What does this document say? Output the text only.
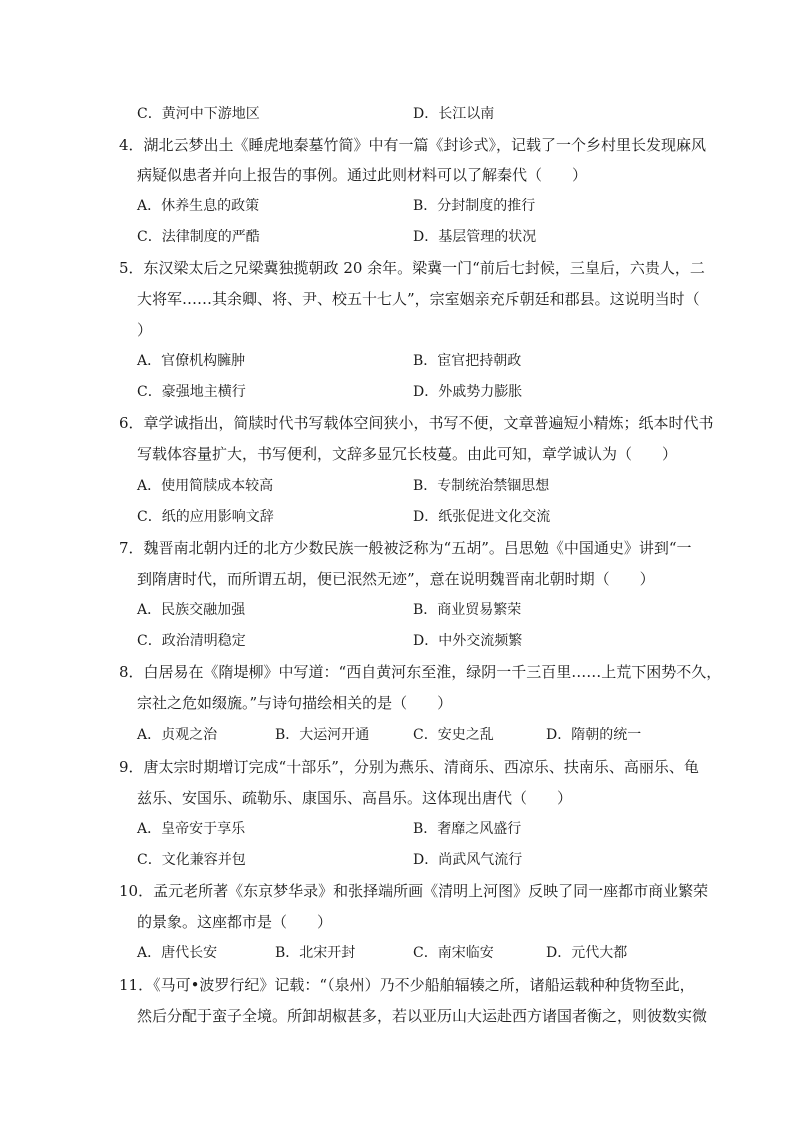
C．黄河中下游地区	D．长江以南
4．湖北云梦出土《睡虎地秦墓竹简》中有一篇《封诊式》，记载了一个乡村里长发现麻风
病疑似患者并向上报告的事例。通过此则材料可以了解秦代（　　）
A．休养生息的政策	B．分封制度的推行
C．法律制度的严酷	D．基层管理的状况
5．东汉梁太后之兄梁冀独揽朝政 20 余年。梁冀一门“前后七封候，三皇后，六贵人，二
大将军……其余卿、将、尹、校五十七人”，宗室姻亲充斥朝廷和郡县。这说明当时（
）
A．官僚机构臃肿	B．宦官把持朝政
C．豪强地主横行	D．外戚势力膨胀
6．章学诚指出，简牍时代书写载体空间狭小，书写不便，文章普遍短小精炼；纸本时代书
写载体容量扩大，书写便利，文辞多显冗长枝蔓。由此可知，章学诚认为（　　）
A．使用简牍成本较高	B．专制统治禁锢思想
C．纸的应用影响文辞	D．纸张促进文化交流
7．魏晋南北朝内迁的北方少数民族一般被泛称为“五胡”。吕思勉《中国通史》讲到“一
到隋唐时代，而所谓五胡，便已泯然无迹”，意在说明魏晋南北朝时期（　　）
A．民族交融加强	B．商业贸易繁荣
C．政治清明稳定	D．中外交流频繁
8．白居易在《隋堤柳》中写道：“西自黄河东至淮，绿阴一千三百里……上荒下困势不久，
宗社之危如缀旒。”与诗句描绘相关的是（　　）
A．贞观之治	B．大运河开通	C．安史之乱	D．隋朝的统一
9．唐太宗时期增订完成“十部乐”，分别为燕乐、清商乐、西凉乐、扶南乐、高丽乐、龟
兹乐、安国乐、疏勒乐、康国乐、高昌乐。这体现出唐代（　　）
A．皇帝安于享乐	B．奢靡之风盛行
C．文化兼容并包	D．尚武风气流行
10．孟元老所著《东京梦华录》和张择端所画《清明上河图》反映了同一座都市商业繁荣
的景象。这座都市是（　　）
A．唐代长安	B．北宋开封	C．南宋临安	D．元代大都
11．《马可•波罗行纪》记载：“（泉州）乃不少船舶辐辏之所，诸船运载种种货物至此，
然后分配于蛮子全境。所卸胡椒甚多，若以亚历山大运赴西方诸国者衡之，则彼数实微
